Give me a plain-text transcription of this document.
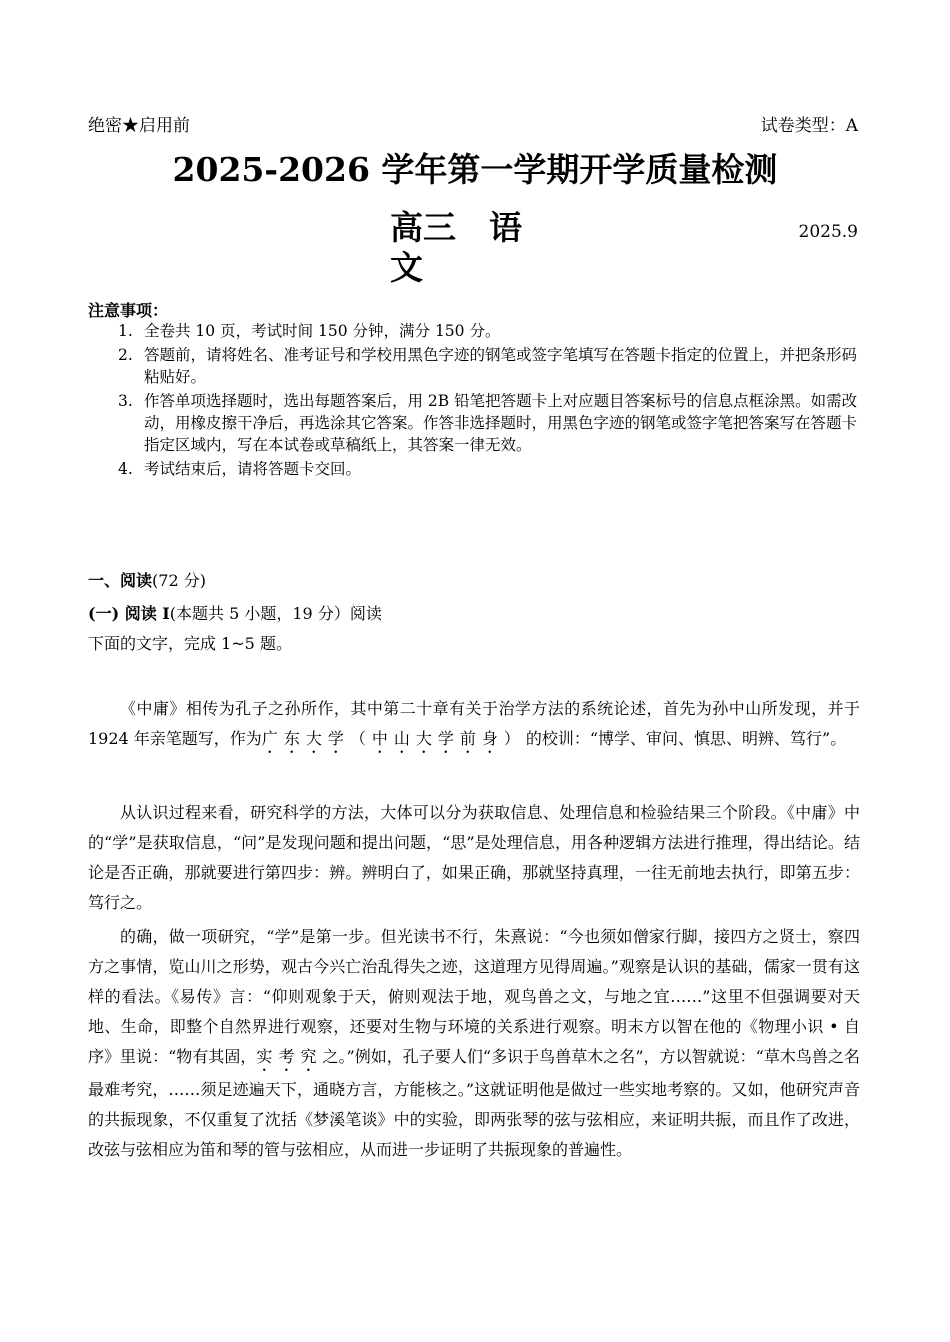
绝密★启用前	试卷类型：A
2025-2026 学年第一学期开学质量检测
高三　语
文
2025.9
注意事项：
1. 全卷共 10 页，考试时间 150 分钟，满分 150 分。
2. 答题前，请将姓名、准考证号和学校用黑色字迹的钢笔或签字笔填写在答题卡指定的位置上，并把条形码粘贴好。
3. 作答单项选择题时，选出每题答案后，用 2B 铅笔把答题卡上对应题目答案标号的信息点框涂黑。如需改动，用橡皮擦干净后，再选涂其它答案。作答非选择题时，用黑色字迹的钢笔或签字笔把答案写在答题卡指定区域内，写在本试卷或草稿纸上，其答案一律无效。
4. 考试结束后，请将答题卡交回。
一、阅读(72 分)
(一) 阅读 Ⅰ(本题共 5 小题，19 分）阅读下面的文字，完成 1~5 题。

《中庸》相传为孔子之孙所作，其中第二十章有关于治学方法的系统论述，首先为孙中山所发现，并于 1924 年亲笔题写，作为广东大学（中山大学前身）的校训：“博学、审问、慎思、明辨、笃行”。

从认识过程来看，研究科学的方法，大体可以分为获取信息、处理信息和检验结果三个阶段。《中庸》中的“学”是获取信息，“问”是发现问题和提出问题，“思”是处理信息，用各种逻辑方法进行推理，得出结论。结论是否正确，那就要进行第四步：辨。辨明白了，如果正确，那就坚持真理，一往无前地去执行，即第五步：笃行之。

的确，做一项研究，“学”是第一步。但光读书不行，朱熹说：“今也须如僧家行脚，接四方之贤士，察四方之事情，览山川之形势，观古今兴亡治乱得失之迹，这道理方见得周遍。”观察是认识的基础，儒家一贯有这样的看法。《易传》言：“仰则观象于天，俯则观法于地，观鸟兽之文，与地之宜……”这里不但强调要对天地、生命，即整个自然界进行观察，还要对生物与环境的关系进行观察。明末方以智在他的《物理小识 • 自序》里说：“物有其固，实考究之。”例如，孔子要人们“多识于鸟兽草木之名”，方以智就说：“草木鸟兽之名最难考究，……须足迹遍天下，通晓方言，方能核之。”这就证明他是做过一些实地考察的。又如，他研究声音的共振现象，不仅重复了沈括《梦溪笔谈》中的实验，即两张琴的弦与弦相应，来证明共振，而且作了改进，改弦与弦相应为笛和琴的管与弦相应，从而进一步证明了共振现象的普遍性。
